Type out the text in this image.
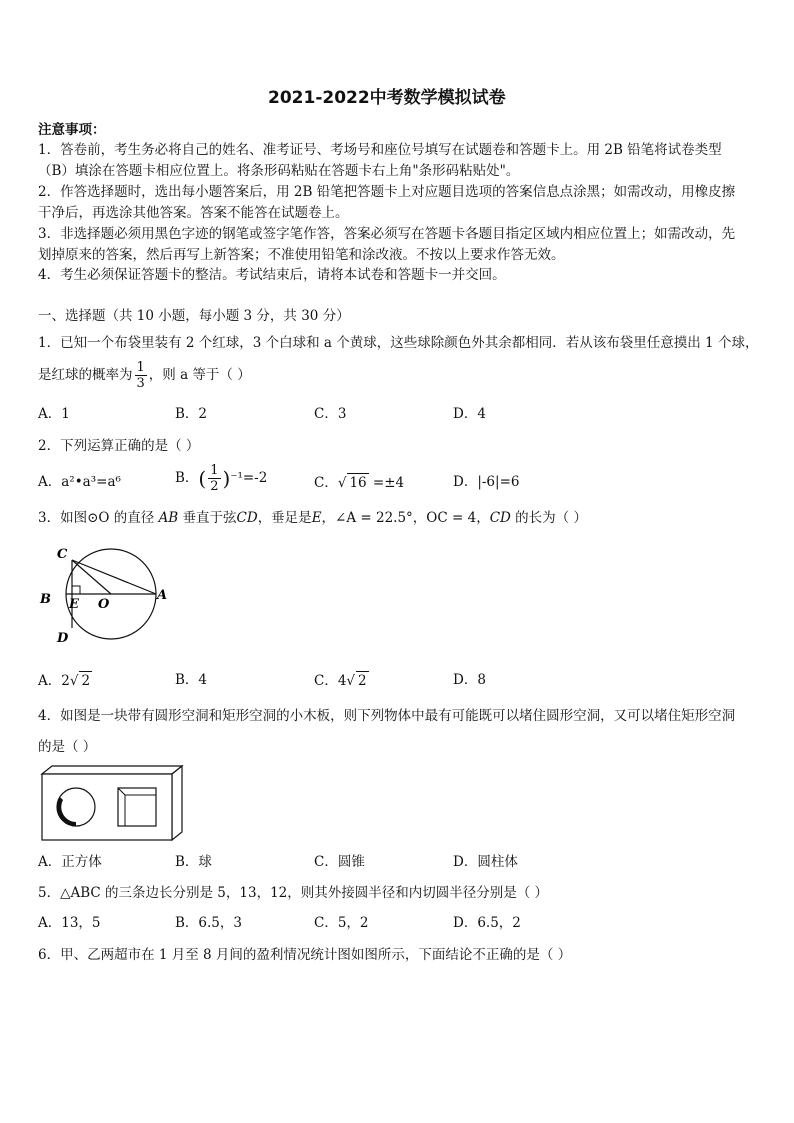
2021-2022中考数学模拟试卷
注意事项：
1．答卷前，考生务必将自己的姓名、准考证号、考场号和座位号填写在试题卷和答题卡上。用 2B 铅笔将试卷类型
（B）填涂在答题卡相应位置上。将条形码粘贴在答题卡右上角"条形码粘贴处"。
2．作答选择题时，选出每小题答案后，用 2B 铅笔把答题卡上对应题目选项的答案信息点涂黑；如需改动，用橡皮擦
干净后，再选涂其他答案。答案不能答在试题卷上。
3．非选择题必须用黑色字迹的钢笔或签字笔作答，答案必须写在答题卡各题目指定区域内相应位置上；如需改动，先
划掉原来的答案，然后再写上新答案；不准使用铅笔和涂改液。不按以上要求作答无效。
4．考生必须保证答题卡的整洁。考试结束后，请将本试卷和答题卡一并交回。
一、选择题（共 10 小题，每小题 3 分，共 30 分）
1．已知一个布袋里装有 2 个红球，3 个白球和 a 个黄球，这些球除颜色外其余都相同．若从该布袋里任意摸出 1 个球，
是红球的概率为 $\frac{1}{3}$ ，则 a 等于（ ）
A．1	B．2	C．3	D．4
2．下列运算正确的是（ ）
A．a²•a³=a⁶	B．( $\frac{1}{2} )^{-1}=-2$	C．√ 16 =±4	D．|-6|=6
3．如图⊙O 的直径 AB 垂直于弦CD，垂足是E，∠A = 22.5°，OC = 4，CD 的长为（ ）
C
B E O
A
D
A．2√ 2	B．4	C．4√ 2	D．8
4．如图是一块带有圆形空洞和矩形空洞的小木板，则下列物体中最有可能既可以堵住圆形空洞，又可以堵住矩形空洞
的是（ ）
A．正方体	B．球	C．圆锥	D．圆柱体
5．△ABC 的三条边长分别是 5，13，12，则其外接圆半径和内切圆半径分别是（ ）
A．13，5	B．6.5，3	C．5，2	D．6.5，2
6．甲、乙两超市在 1 月至 8 月间的盈利情况统计图如图所示，下面结论不正确的是（ ）
